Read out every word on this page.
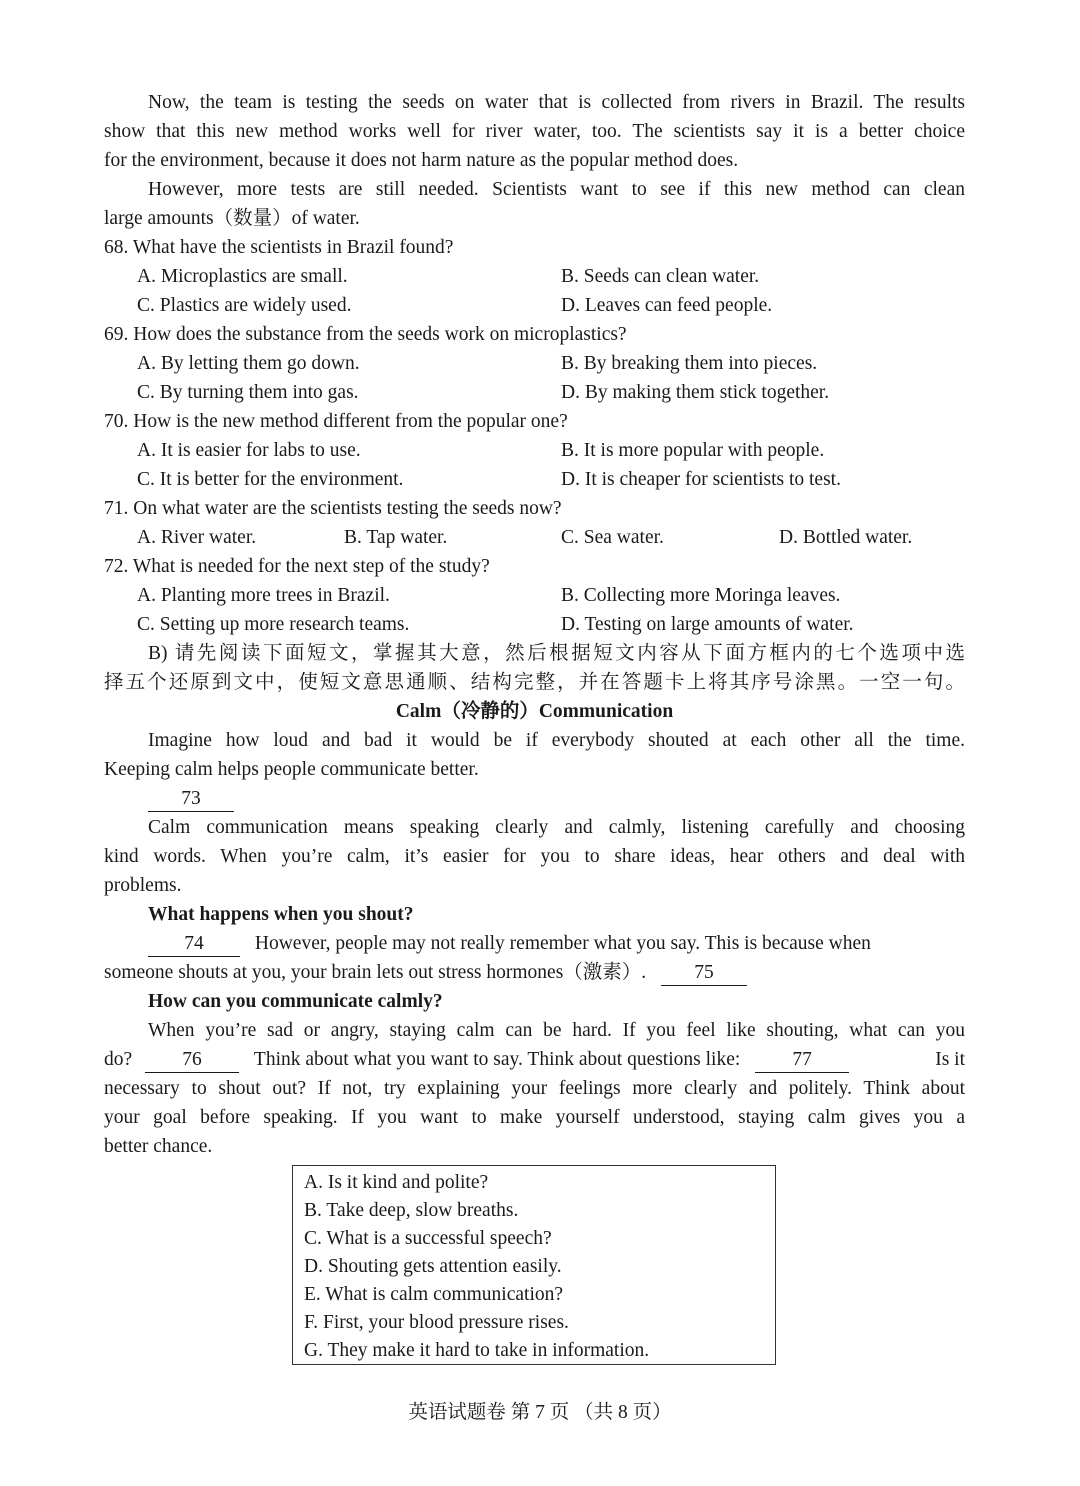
Now, the team is testing the seeds on water that is collected from rivers in Brazil. The results
show that this new method works well for river water, too. The scientists say it is a better choice
for the environment, because it does not harm nature as the popular method does.
However, more tests are still needed. Scientists want to see if this new method can clean
large amounts（数量）of water.
68. What have the scientists in Brazil found?
A. Microplastics are small.	B. Seeds can clean water.
C. Plastics are widely used.	D. Leaves can feed people.
69. How does the substance from the seeds work on microplastics?
A. By letting them go down.	B. By breaking them into pieces.
C. By turning them into gas.	D. By making them stick together.
70. How is the new method different from the popular one?
A. It is easier for labs to use.	B. It is more popular with people.
C. It is better for the environment.	D. It is cheaper for scientists to test.
71. On what water are the scientists testing the seeds now?
A. River water.	B. Tap water.	C. Sea water.	D. Bottled water.
72. What is needed for the next step of the study?
A. Planting more trees in Brazil.	B. Collecting more Moringa leaves.
C. Setting up more research teams.	D. Testing on large amounts of water.
B) 请先阅读下面短文，掌握其大意，然后根据短文内容从下面方框内的七个选项中选
择五个还原到文中，使短文意思通顺、结构完整，并在答题卡上将其序号涂黑。一空一句。
Calm（冷静的）Communication
Imagine how loud and bad it would be if everybody shouted at each other all the time.
Keeping calm helps people communicate better.
73
Calm communication means speaking clearly and calmly, listening carefully and choosing
kind words. When you’re calm, it’s easier for you to share ideas, hear others and deal with
problems.
What happens when you shout?
74	However, people may not really remember what you say. This is because when
someone shouts at you, your brain lets out stress hormones（激素）. 75
How can you communicate calmly?
When you’re sad or angry, staying calm can be hard. If you feel like shouting, what can you
do?	76	Think about what you want to say. Think about questions like:	77	Is it
necessary to shout out? If not, try explaining your feelings more clearly and politely. Think about
your goal before speaking. If you want to make yourself understood, staying calm gives you a
better chance.
A. Is it kind and polite?
B. Take deep, slow breaths.
C. What is a successful speech?
D. Shouting gets attention easily.
E. What is calm communication?
F. First, your blood pressure rises.
G. They make it hard to take in information.
英语试题卷 第 7 页 （共 8 页）
